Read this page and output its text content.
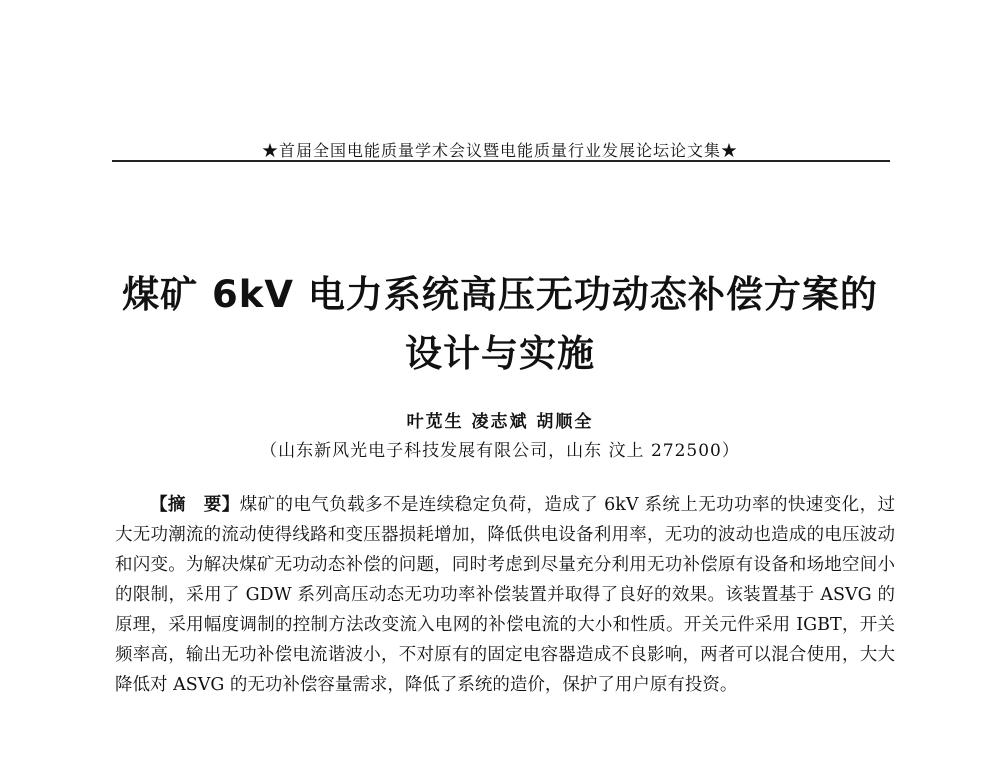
★首届全国电能质量学术会议暨电能质量行业发展论坛论文集★
煤矿 6kV 电力系统高压无功动态补偿方案的
设计与实施
叶苋生 凌志斌 胡顺全
（山东新风光电子科技发展有限公司，山东 汶上 272500）
【摘　要】煤矿的电气负载多不是连续稳定负荷，造成了 6kV 系统上无功功率的快速变化，过大无功潮流的流动使得线路和变压器损耗增加，降低供电设备利用率，无功的波动也造成的电压波动和闪变。为解决煤矿无功动态补偿的问题，同时考虑到尽量充分利用无功补偿原有设备和场地空间小的限制，采用了 GDW 系列高压动态无功功率补偿装置并取得了良好的效果。该装置基于 ASVG 的原理，采用幅度调制的控制方法改变流入电网的补偿电流的大小和性质。开关元件采用 IGBT，开关频率高，输出无功补偿电流谐波小，不对原有的固定电容器造成不良影响，两者可以混合使用，大大降低对 ASVG 的无功补偿容量需求，降低了系统的造价，保护了用户原有投资。
